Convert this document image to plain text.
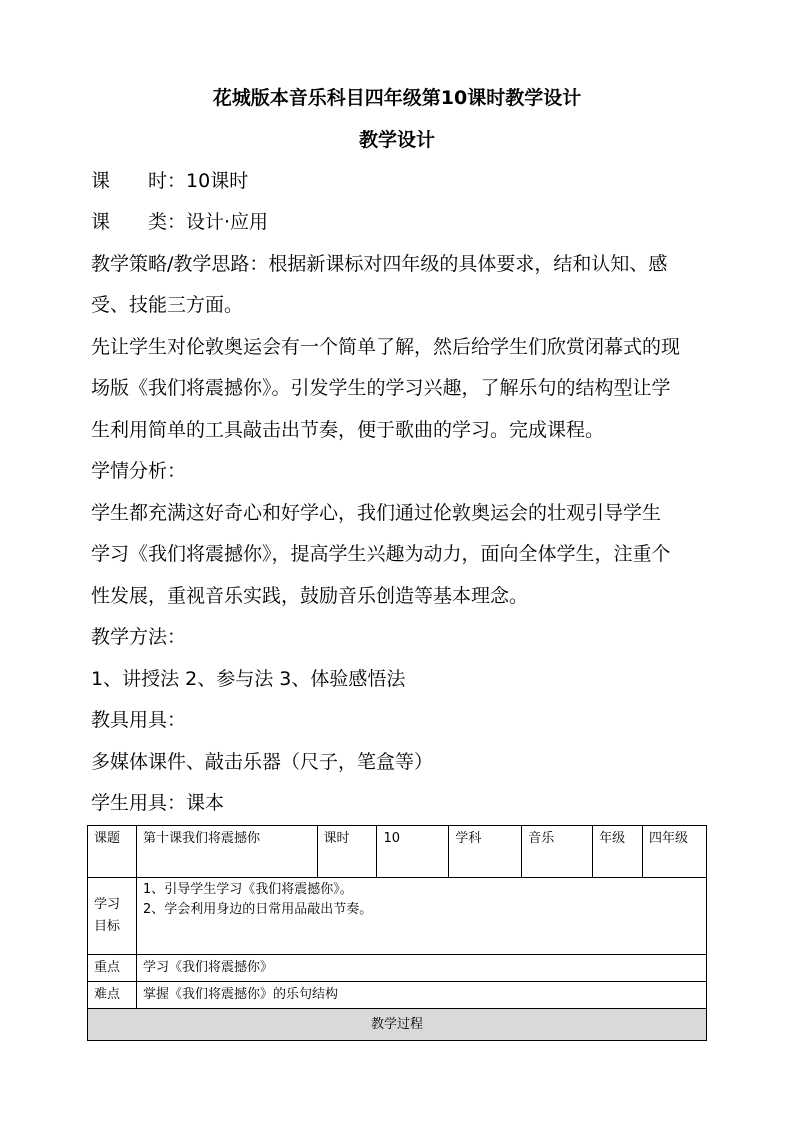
花城版本音乐科目四年级第10课时教学设计
教学设计
课 时：10课时
课 类：设计·应用
教学策略/教学思路：根据新课标对四年级的具体要求，结和认知、感
受、技能三方面。
先让学生对伦敦奥运会有一个简单了解，然后给学生们欣赏闭幕式的现
场版《我们将震撼你》。引发学生的学习兴趣，了解乐句的结构型让学
生利用简单的工具敲击出节奏，便于歌曲的学习。完成课程。
学情分析：
学生都充满这好奇心和好学心，我们通过伦敦奥运会的壮观引导学生
学习《我们将震撼你》，提高学生兴趣为动力，面向全体学生，注重个
性发展，重视音乐实践，鼓励音乐创造等基本理念。
教学方法：
1、讲授法 2、参与法 3、体验感悟法
教具用具：
多媒体课件、敲击乐器（尺子，笔盒等）
学生用具：课本
课题	第十课我们将震撼你	课时	10	学科	音乐	年级	四年级
学习目标	1、引导学生学习《我们将震撼你》。
2、学会利用身边的日常用品敲出节奏。						

重点	学习《我们将震撼你》						
难点	掌握《我们将震撼你》的乐句结构						
教学过程							
